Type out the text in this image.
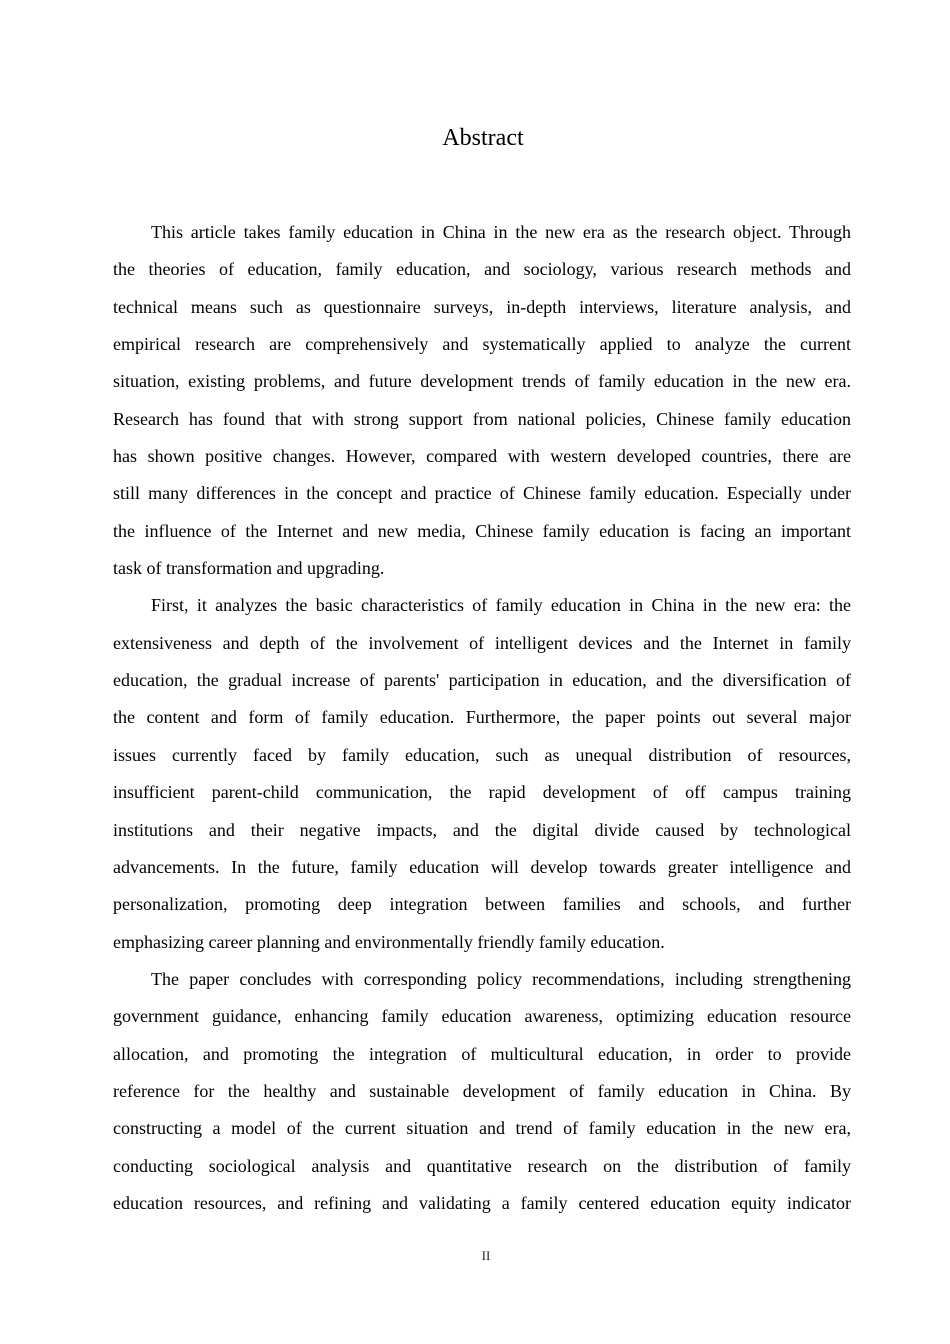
Abstract
This article takes family education in China in the new era as the research object. Through
the theories of education, family education, and sociology, various research methods and
technical means such as questionnaire surveys, in-depth interviews, literature analysis, and
empirical research are comprehensively and systematically applied to analyze the current
situation, existing problems, and future development trends of family education in the new era.
Research has found that with strong support from national policies, Chinese family education
has shown positive changes. However, compared with western developed countries, there are
still many differences in the concept and practice of Chinese family education. Especially under
the influence of the Internet and new media, Chinese family education is facing an important
task of transformation and upgrading.
First, it analyzes the basic characteristics of family education in China in the new era: the
extensiveness and depth of the involvement of intelligent devices and the Internet in family
education, the gradual increase of parents' participation in education, and the diversification of
the content and form of family education. Furthermore, the paper points out several major
issues currently faced by family education, such as unequal distribution of resources,
insufficient parent-child communication, the rapid development of off campus training
institutions and their negative impacts, and the digital divide caused by technological
advancements. In the future, family education will develop towards greater intelligence and
personalization, promoting deep integration between families and schools, and further
emphasizing career planning and environmentally friendly family education.
The paper concludes with corresponding policy recommendations, including strengthening
government guidance, enhancing family education awareness, optimizing education resource
allocation, and promoting the integration of multicultural education, in order to provide
reference for the healthy and sustainable development of family education in China. By
constructing a model of the current situation and trend of family education in the new era,
conducting sociological analysis and quantitative research on the distribution of family
education resources, and refining and validating a family centered education equity indicator
II
